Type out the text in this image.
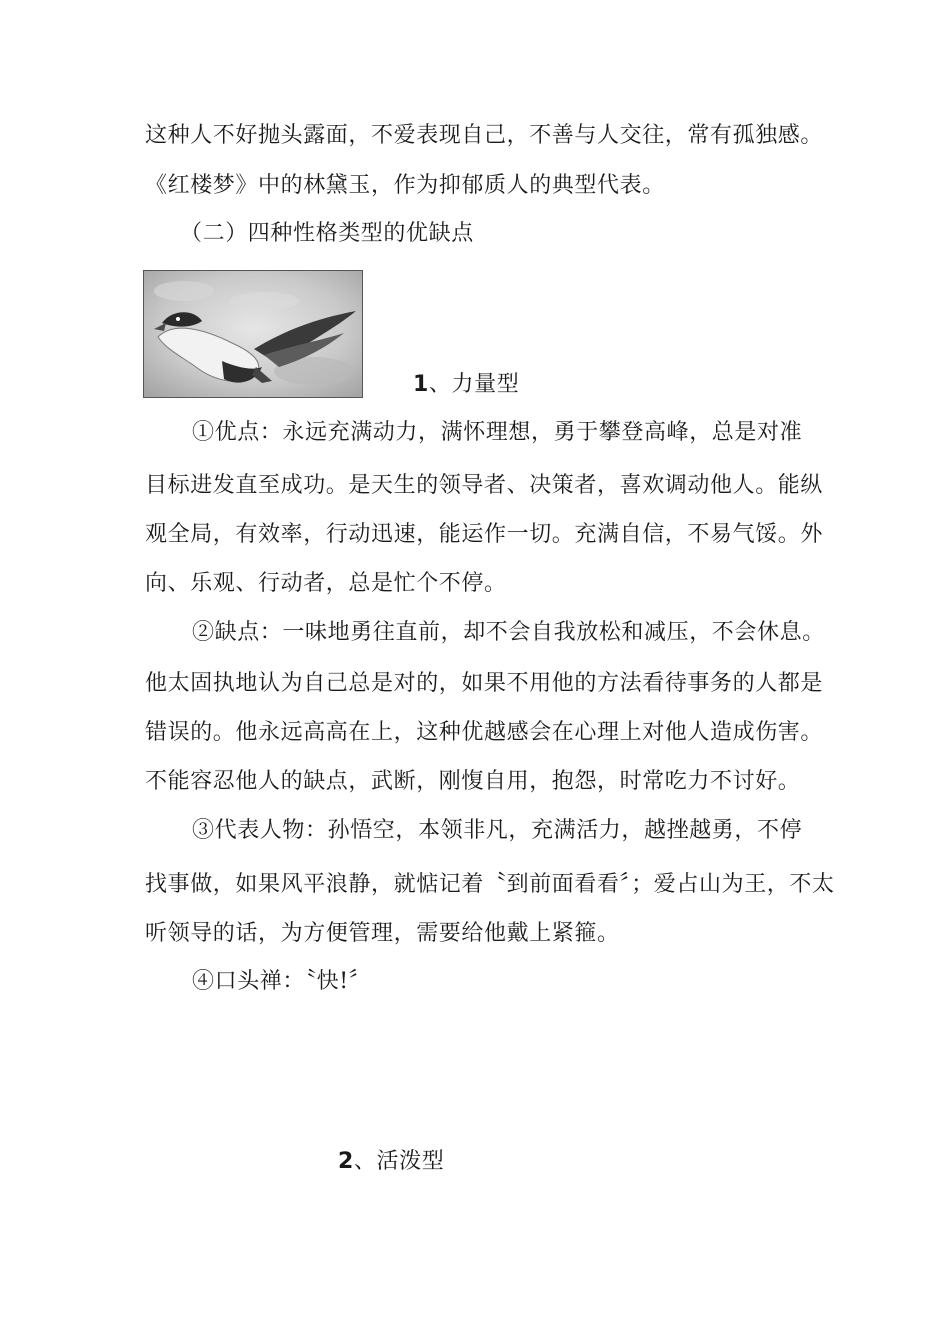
这种人不好抛头露面，不爱表现自己，不善与人交往，常有孤独感。
《红楼梦》中的林黛玉，作为抑郁质人的典型代表。
（二）四种性格类型的优缺点
1、力量型
①优点：永远充满动力，满怀理想，勇于攀登高峰，总是对准
目标进发直至成功。是天生的领导者、决策者，喜欢调动他人。能纵
观全局，有效率，行动迅速，能运作一切。充满自信，不易气馁。外
向、乐观、行动者，总是忙个不停。
②缺点：一味地勇往直前，却不会自我放松和减压，不会休息。
他太固执地认为自己总是对的，如果不用他的方法看待事务的人都是
错误的。他永远高高在上，这种优越感会在心理上对他人造成伤害。
不能容忍他人的缺点，武断，刚愎自用，抱怨，时常吃力不讨好。
③代表人物：孙悟空，本领非凡，充满活力，越挫越勇，不停
找事做，如果风平浪静，就惦记着〝到前面看看〞；爱占山为王，不太
听领导的话，为方便管理，需要给他戴上紧箍。
④口头禅：〝快!〞
2、活泼型
